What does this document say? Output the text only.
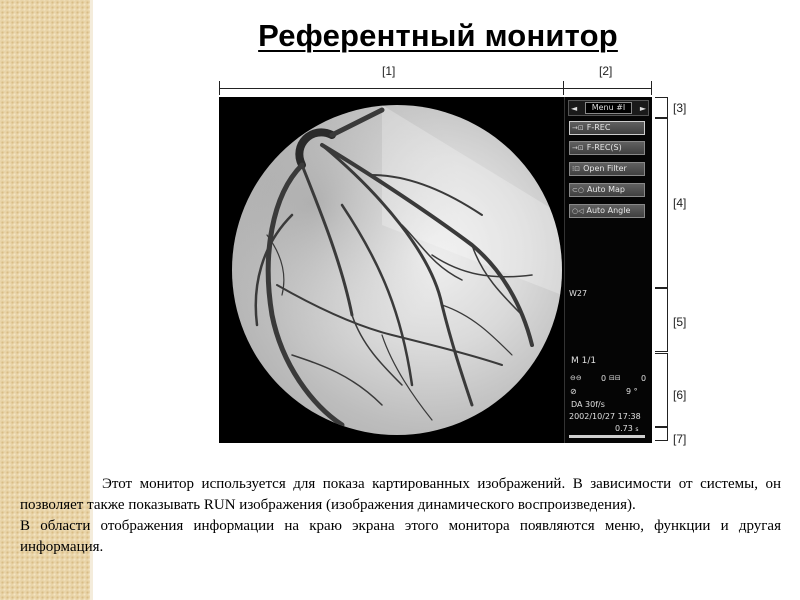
Референтный монитор
[1]	[2]
[3]
[4]
[5]
[6]
[7]
◄	Menu #I	►
→⊡ F-REC
→⊡ F-REC(S)
⁞⊡ Open Filter
⊂○ Auto Map
○◁ Auto Angle
W27
M 1/1
⊖⊖ 0 ⊟⊟	0
⊘	9 °
DA 30f/s
2002/10/27 17:38
0.73 s

Этот монитор используется для показа картированных изображений. В зависимости от системы, он позволяет также показывать RUN изображения (изображения динамического воспроизведения).

В области отображения информации на краю экрана этого монитора появляются меню, функции и другая информация.
